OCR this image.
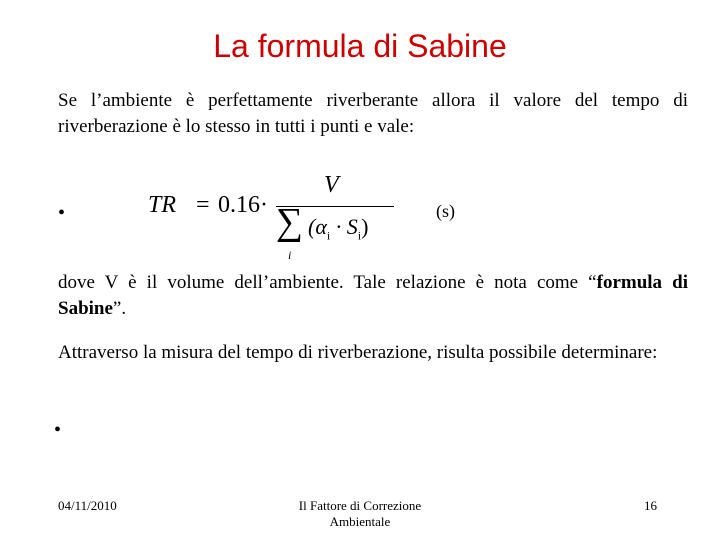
La formula di Sabine
Se l’ambiente è perfettamente riverberante allora il valore del tempo di riverberazione è lo stesso in tutti i punti e vale:
•	TR = 0.16 ·
V
∑
i
$(\alpha_i \cdot S_i)$
(s)
dove V è il volume dell’ambiente. Tale relazione è nota come “formula di Sabine”.
Attraverso la misura del tempo di riverberazione, risulta possibile determinare:
•
04/11/2010	Il Fattore di Correzione
Ambientale
16
